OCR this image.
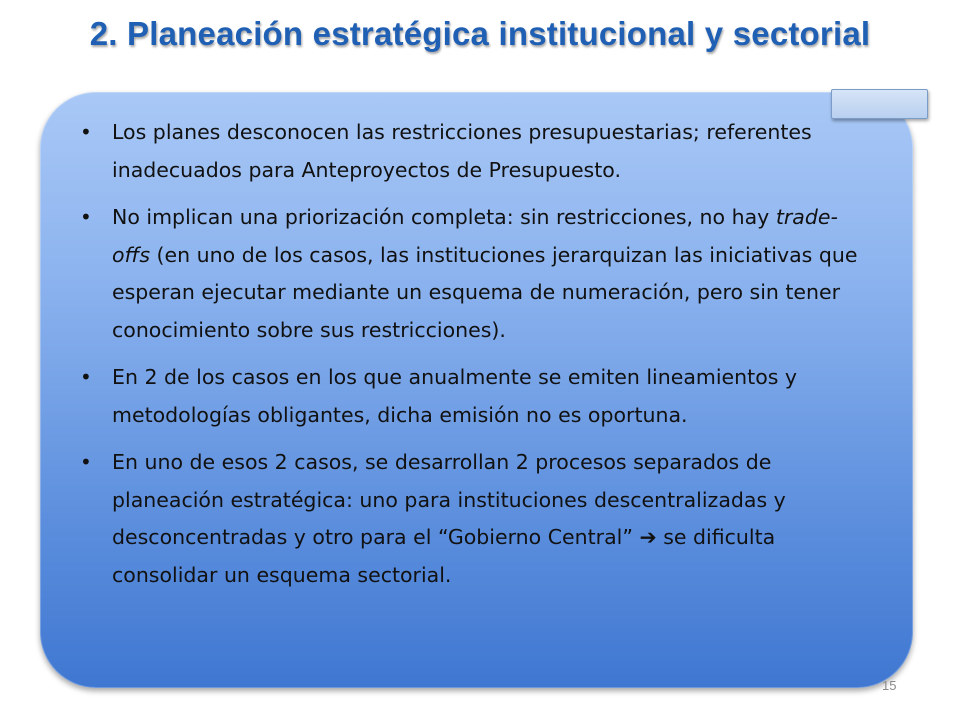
2. Planeación estratégica institucional y sectorial
• Los planes desconocen las restricciones presupuestarias; referentes inadecuados para Anteproyectos de Presupuesto.
• No implican una priorización completa: sin restricciones, no hay trade-offs (en uno de los casos, las instituciones jerarquizan las iniciativas que esperan ejecutar mediante un esquema de numeración, pero sin tener conocimiento sobre sus restricciones).
• En 2 de los casos en los que anualmente se emiten lineamientos y metodologías obligantes, dicha emisión no es oportuna.
• En uno de esos 2 casos, se desarrollan 2 procesos separados de planeación estratégica: uno para instituciones descentralizadas y desconcentradas y otro para el “Gobierno Central” ➔ se dificulta consolidar un esquema sectorial.
15
